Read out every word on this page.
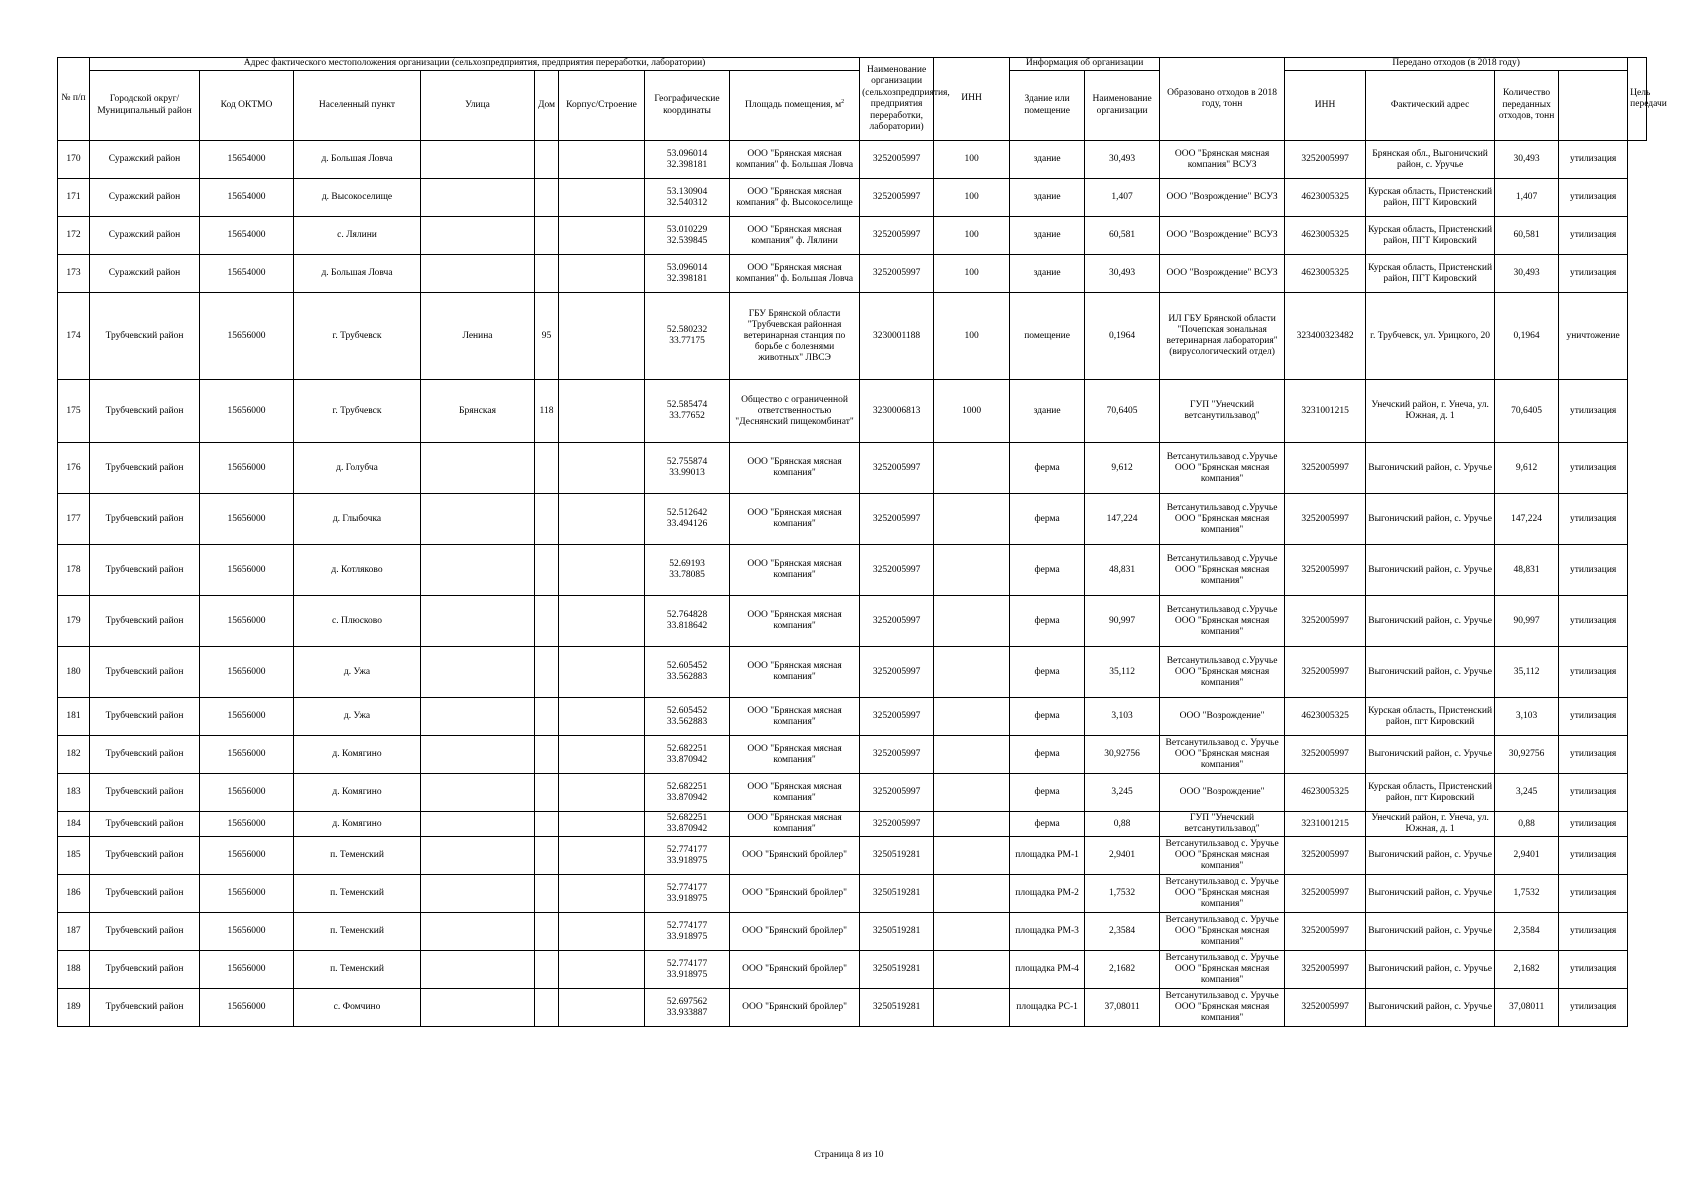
№ п/п	Адрес фактического местоположения организации (сельхозпредприятия, предприятия переработки, лаборатории)								Наименование организации (сельхозпредприятия, предприятия переработки, лаборатории)	ИНН	Информация об организации		Образовано отходов в 2018 году, тонн	Передано отходов (в 2018 году)				Цель передачи
	Городской округ/Муниципальный район	Код ОКТМО	Населенный пункт	Улица	Дом	Корпус/Строение	Географические координаты	Площадь помещения, $м^2$			Здание или помещение	Наименование организации		ИНН	Фактический адрес	Количество переданных отходов, тонн		
170	Суражский район	15654000	д. Большая Ловча				53.096014
32.398181	ООО "Брянская мясная компания" ф. Большая Ловча	3252005997	100	здание	30,493	ООО "Брянская мясная компания" ВСУЗ	3252005997	Брянская обл., Выгоничский район, с. Уручье	30,493	утилизация	
171	Суражский район	15654000	д. Высокоселище				53.130904
32.540312	ООО "Брянская мясная компания" ф. Высокоселище	3252005997	100	здание	1,407	ООО "Возрождение" ВСУЗ	4623005325	Курская область, Пристенский район, ПГТ Кировский	1,407	утилизация	
172	Суражский район	15654000	с. Лялини				53.010229
32.539845	ООО "Брянская мясная компания" ф. Лялини	3252005997	100	здание	60,581	ООО "Возрождение" ВСУЗ	4623005325	Курская область, Пристенский район, ПГТ Кировский	60,581	утилизация	
173	Суражский район	15654000	д. Большая Ловча				53.096014
32.398181	ООО "Брянская мясная компания" ф. Большая Ловча	3252005997	100	здание	30,493	ООО "Возрождение" ВСУЗ	4623005325	Курская область, Пристенский район, ПГТ Кировский	30,493	утилизация	
174	Трубчевский район	15656000	г. Трубчевск	Ленина	95		52.580232
33.77175	ГБУ Брянской области "Трубчевская районная ветеринарная станция по борьбе с болезнями животных" ЛВСЭ	3230001188	100	помещение	0,1964	ИЛ ГБУ Брянской области "Почепская зональная ветеринарная лаборатория" (вирусологический отдел)	323400323482	г. Трубчевск, ул. Урицкого, 20	0,1964	уничтожение	
175	Трубчевский район	15656000	г. Трубчевск	Брянская	118		52.585474
33.77652	Общество с ограниченной ответственностью "Деснянский пищекомбинат"	3230006813	1000	здание	70,6405	ГУП "Унечский ветсанутильзавод"	3231001215	Унечский район, г. Унеча, ул. Южная, д. 1	70,6405	утилизация	
176	Трубчевский район	15656000	д. Голубча				52.755874
33.99013	ООО "Брянская мясная компания"	3252005997		ферма	9,612	Ветсанутильзавод с.Уручье ООО "Брянская мясная компания"	3252005997	Выгоничский район, с. Уручье	9,612	утилизация	
177	Трубчевский район	15656000	д. Глыбочка				52.512642
33.494126	ООО "Брянская мясная компания"	3252005997		ферма	147,224	Ветсанутильзавод с.Уручье ООО "Брянская мясная компания"	3252005997	Выгоничский район, с. Уручье	147,224	утилизация	
178	Трубчевский район	15656000	д. Котляково				52.69193
33.78085	ООО "Брянская мясная компания"	3252005997		ферма	48,831	Ветсанутильзавод с.Уручье ООО "Брянская мясная компания"	3252005997	Выгоничский район, с. Уручье	48,831	утилизация	
179	Трубчевский район	15656000	с. Плюсково				52.764828
33.818642	ООО "Брянская мясная компания"	3252005997		ферма	90,997	Ветсанутильзавод с.Уручье ООО "Брянская мясная компания"	3252005997	Выгоничский район, с. Уручье	90,997	утилизация	
180	Трубчевский район	15656000	д. Ужа				52.605452
33.562883	ООО "Брянская мясная компания"	3252005997		ферма	35,112	Ветсанутильзавод с.Уручье ООО "Брянская мясная компания"	3252005997	Выгоничский район, с. Уручье	35,112	утилизация	
181	Трубчевский район	15656000	д. Ужа				52.605452
33.562883	ООО "Брянская мясная компания"	3252005997		ферма	3,103	ООО "Возрождение"	4623005325	Курская область, Пристенский район, пгт Кировский	3,103	утилизация	
182	Трубчевский район	15656000	д. Комягино				52.682251
33.870942	ООО "Брянская мясная компания"	3252005997		ферма	30,92756	Ветсанутильзавод с. Уручье ООО "Брянская мясная компания"	3252005997	Выгоничский район, с. Уручье	30,92756	утилизация	
183	Трубчевский район	15656000	д. Комягино				52.682251
33.870942	ООО "Брянская мясная компания"	3252005997		ферма	3,245	ООО "Возрождение"	4623005325	Курская область, Пристенский район, пгт Кировский	3,245	утилизация	
184	Трубчевский район	15656000	д. Комягино				52.682251
33.870942	ООО "Брянская мясная компания"	3252005997		ферма	0,88	ГУП "Унечский ветсанутильзавод"	3231001215	Унечский район, г. Унеча, ул. Южная, д. 1	0,88	утилизация	
185	Трубчевский район	15656000	п. Теменский				52.774177
33.918975	ООО "Брянский бройлер"	3250519281		площадка РМ-1	2,9401	Ветсанутильзавод с. Уручье ООО "Брянская мясная компания"	3252005997	Выгоничский район, с. Уручье	2,9401	утилизация	
186	Трубчевский район	15656000	п. Теменский				52.774177
33.918975	ООО "Брянский бройлер"	3250519281		площадка РМ-2	1,7532	Ветсанутильзавод с. Уручье ООО "Брянская мясная компания"	3252005997	Выгоничский район, с. Уручье	1,7532	утилизация	
187	Трубчевский район	15656000	п. Теменский				52.774177
33.918975	ООО "Брянский бройлер"	3250519281		площадка РМ-3	2,3584	Ветсанутильзавод с. Уручье ООО "Брянская мясная компания"	3252005997	Выгоничский район, с. Уручье	2,3584	утилизация	
188	Трубчевский район	15656000	п. Теменский				52.774177
33.918975	ООО "Брянский бройлер"	3250519281		площадка РМ-4	2,1682	Ветсанутильзавод с. Уручье ООО "Брянская мясная компания"	3252005997	Выгоничский район, с. Уручье	2,1682	утилизация	
189	Трубчевский район	15656000	с. Фомчино				52.697562
33.933887	ООО "Брянский бройлер"	3250519281		площадка РС-1	37,08011	Ветсанутильзавод с. Уручье ООО "Брянская мясная компания"	3252005997	Выгоничский район, с. Уручье	37,08011	утилизация	
Страница 8 из 10
